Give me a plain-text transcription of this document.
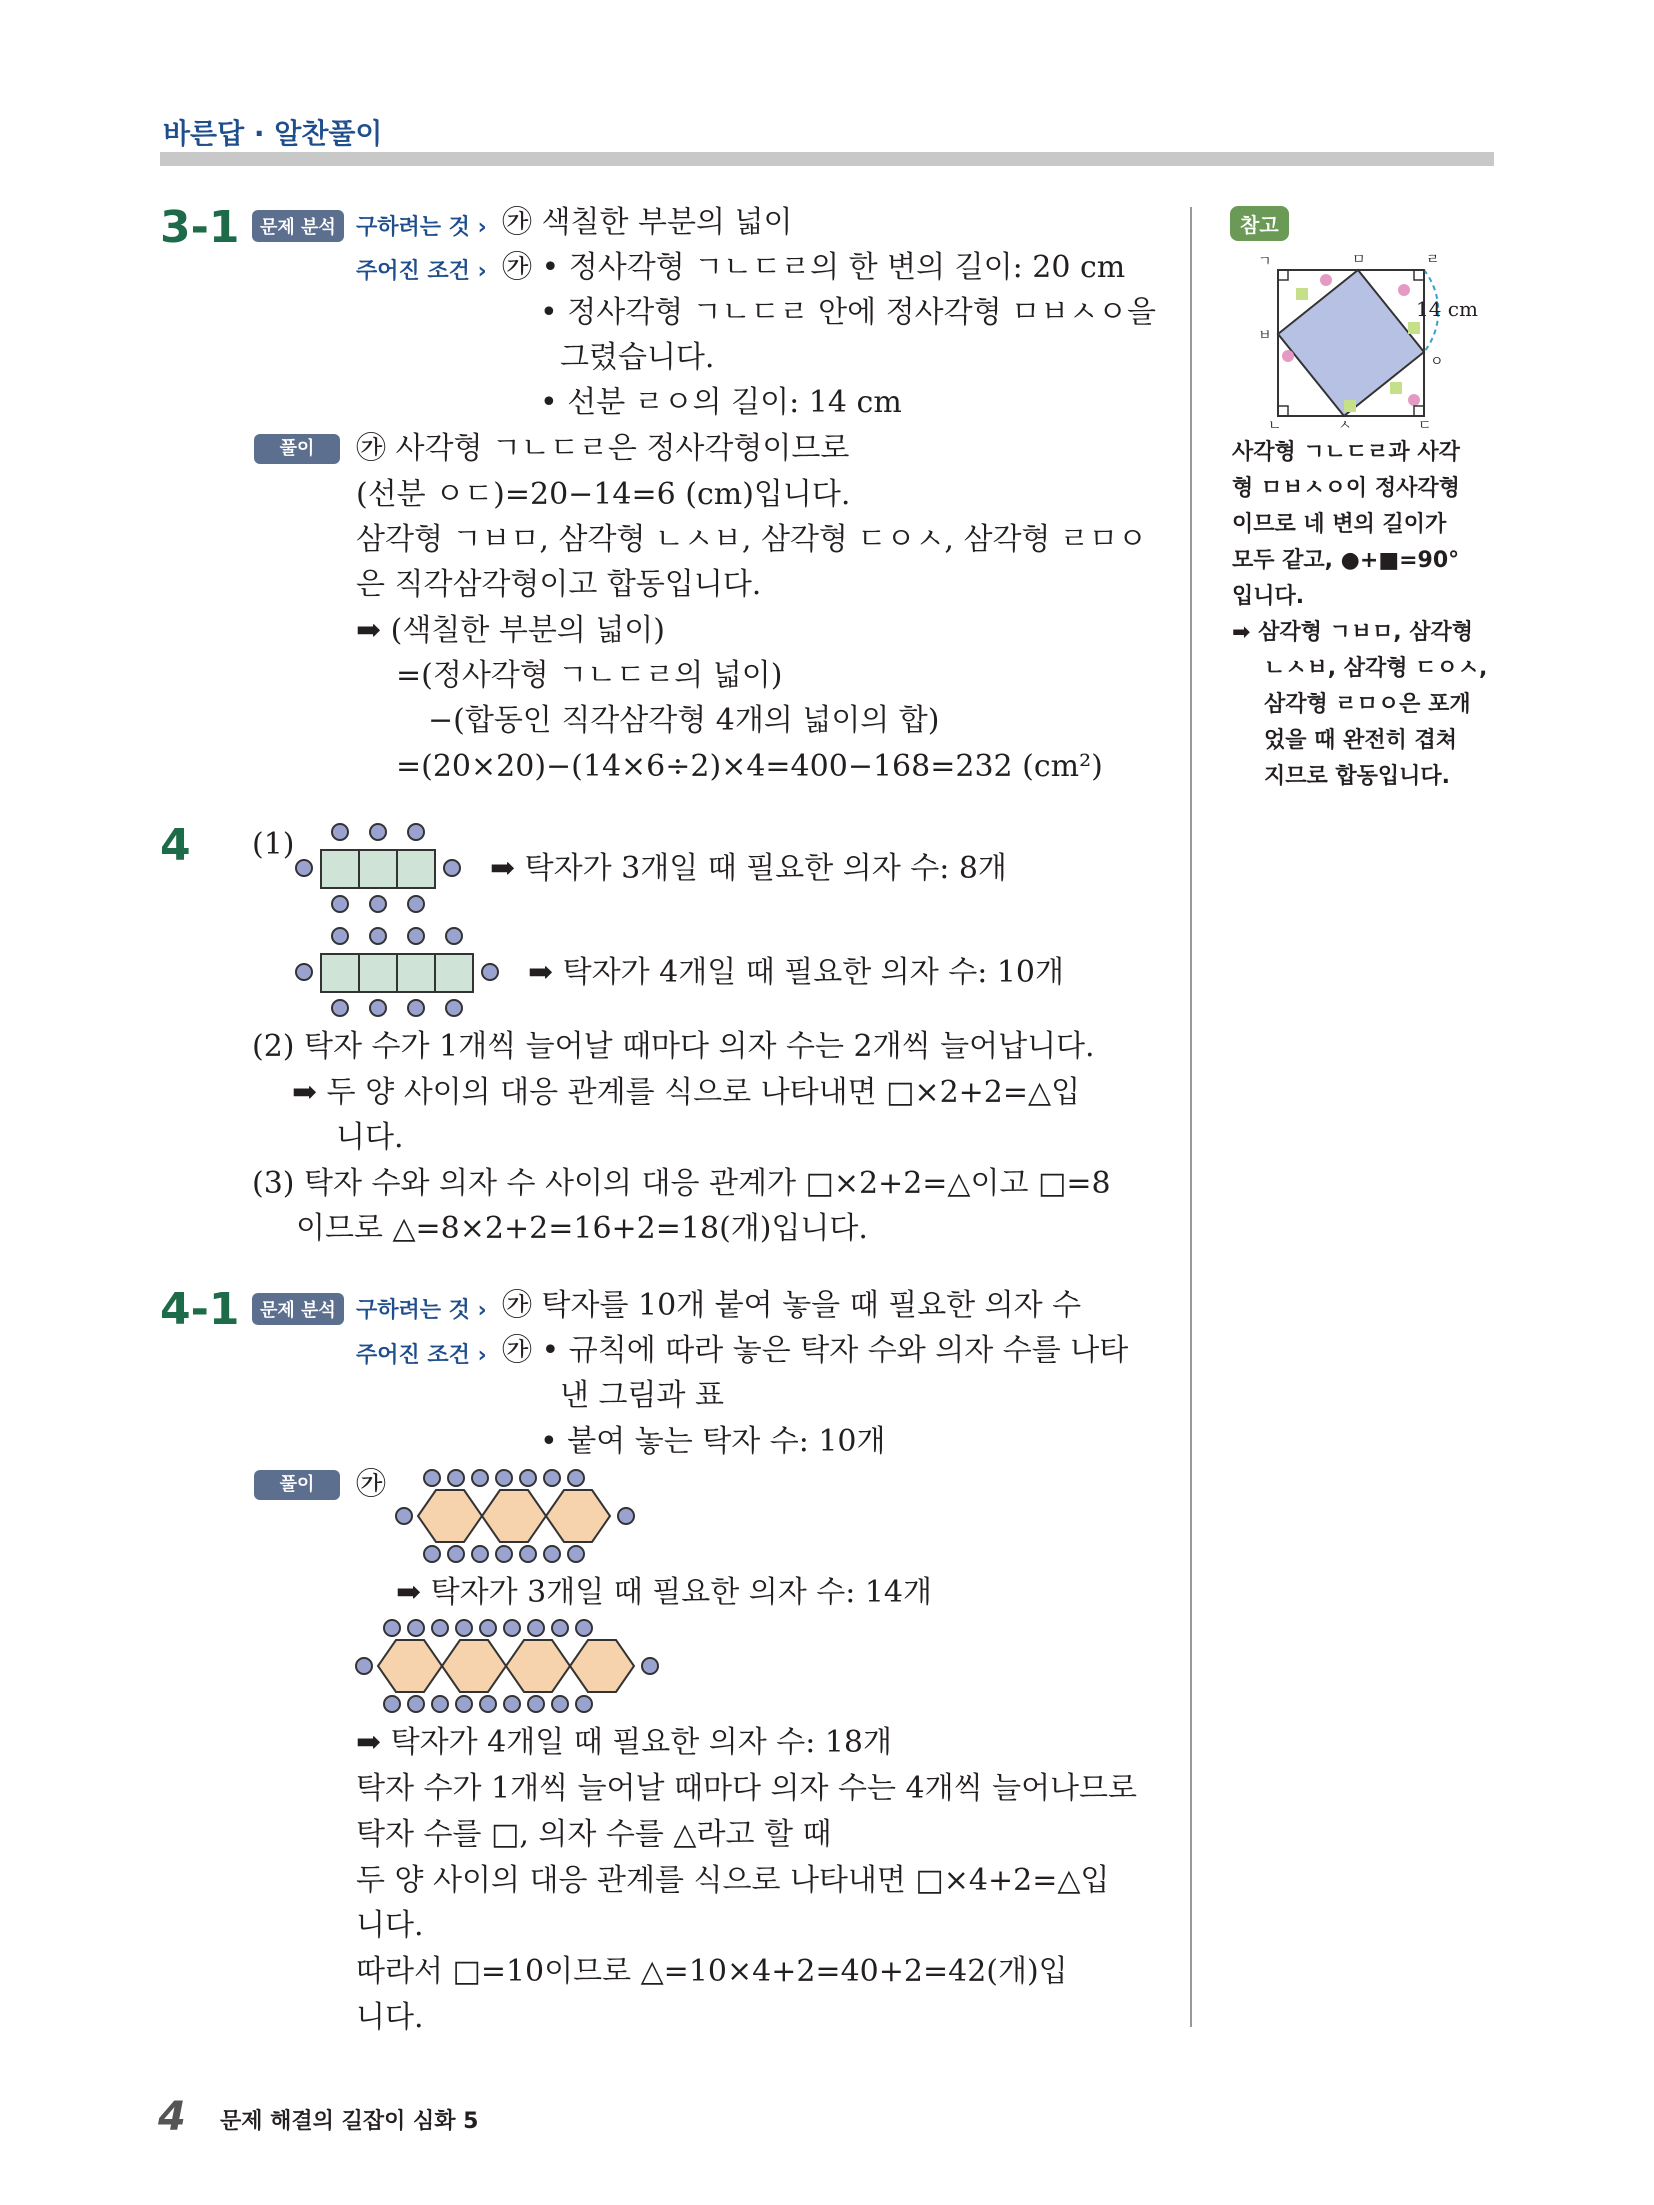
바른답 · 알찬풀이
3-1	문제 분석 구하려는 것 › ㉮ 색칠한 부분의 넓이
주어진 조건 › ㉮ • 정사각형 ㄱㄴㄷㄹ의 한 변의 길이: 20 cm
• 정사각형 ㄱㄴㄷㄹ 안에 정사각형 ㅁㅂㅅㅇ을
그렸습니다.
• 선분 ㄹㅇ의 길이: 14 cm
풀이	㉮ 사각형 ㄱㄴㄷㄹ은 정사각형이므로
(선분 ㅇㄷ)=20−14=6 (cm)입니다.
삼각형 ㄱㅂㅁ, 삼각형 ㄴㅅㅂ, 삼각형 ㄷㅇㅅ, 삼각형 ㄹㅁㅇ
은 직각삼각형이고 합동입니다.
➡ (색칠한 부분의 넓이)
=(정사각형 ㄱㄴㄷㄹ의 넓이)
−(합동인 직각삼각형 4개의 넓이의 합)
=(20×20)−(14×6÷2)×4=400−168=232 (cm²)
4 (1)
➡ 탁자가 3개일 때 필요한 의자 수: 8개
➡ 탁자가 4개일 때 필요한 의자 수: 10개
(2) 탁자 수가 1개씩 늘어날 때마다 의자 수는 2개씩 늘어납니다.
➡ 두 양 사이의 대응 관계를 식으로 나타내면 □×2+2=△입
니다.
(3) 탁자 수와 의자 수 사이의 대응 관계가 □×2+2=△이고 □=8
이므로 △=8×2+2=16+2=18(개)입니다.
4-1	문제 분석 구하려는 것 › ㉮ 탁자를 10개 붙여 놓을 때 필요한 의자 수
주어진 조건 › ㉮ • 규칙에 따라 놓은 탁자 수와 의자 수를 나타
낸 그림과 표
• 붙여 놓는 탁자 수: 10개
풀이	㉮
➡ 탁자가 3개일 때 필요한 의자 수: 14개
➡ 탁자가 4개일 때 필요한 의자 수: 18개
탁자 수가 1개씩 늘어날 때마다 의자 수는 4개씩 늘어나므로
탁자 수를 □, 의자 수를 △라고 할 때
두 양 사이의 대응 관계를 식으로 나타내면 □×4+2=△입
니다.
따라서 □=10이므로 △=10×4+2=40+2=42(개)입
니다.
참고
ㄱ	ㅁ	ㄹ
ㅂ
ㅇ
ㄴ	ㅅ	ㄷ
14 cm
사각형 ㄱㄴㄷㄹ과 사각
형 ㅁㅂㅅㅇ이 정사각형
이므로 네 변의 길이가
모두 같고, ●+■=90°
입니다.
➡ 삼각형 ㄱㅂㅁ, 삼각형
ㄴㅅㅂ, 삼각형 ㄷㅇㅅ,
삼각형 ㄹㅁㅇ은 포개
었을 때 완전히 겹쳐
지므로 합동입니다.
4 문제 해결의 길잡이 심화 5
